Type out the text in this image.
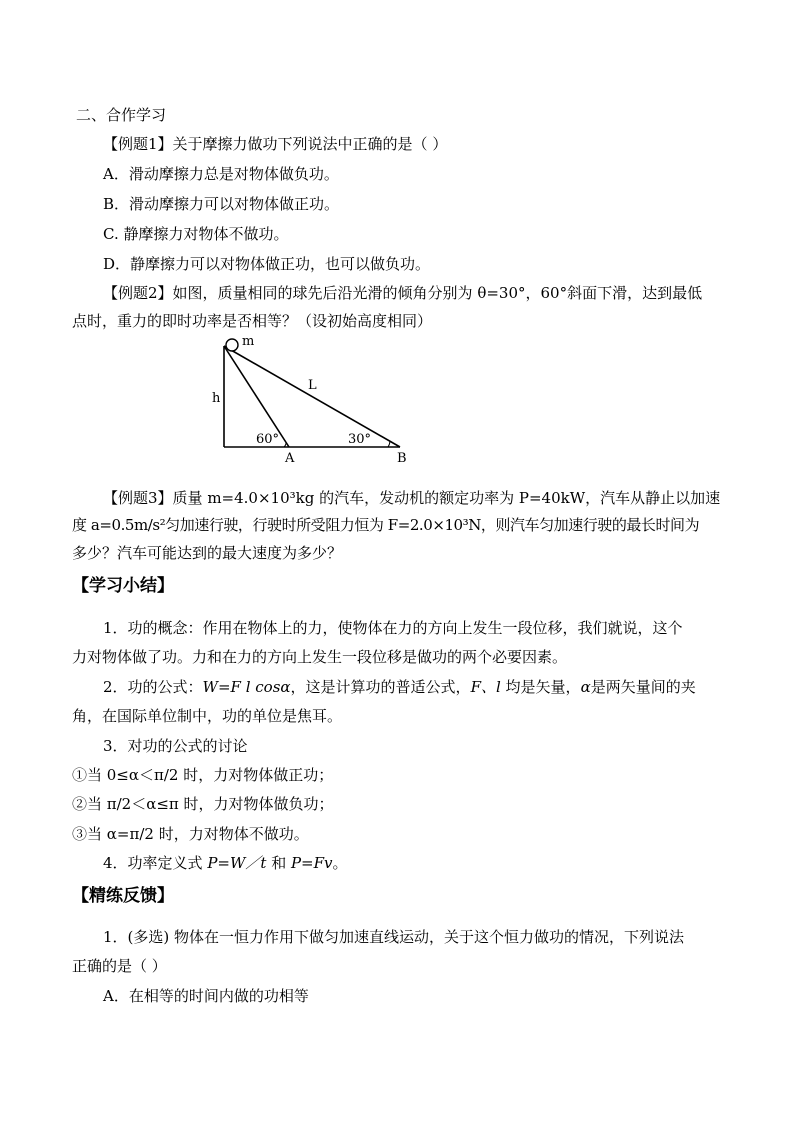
二、合作学习
【例题1】关于摩擦力做功下列说法中正确的是（ ）
A．滑动摩擦力总是对物体做负功。
B．滑动摩擦力可以对物体做正功。
C. 静摩擦力对物体不做功。
D．静摩擦力可以对物体做正功，也可以做负功。
【例题2】如图，质量相同的球先后沿光滑的倾角分别为 θ=30°，60°斜面下滑，达到最低
点时，重力的即时功率是否相等？（设初始高度相同）
m
h
L
60°	30°
A	B
【例题3】质量 m=4.0×10³kg 的汽车，发动机的额定功率为 P=40kW，汽车从静止以加速
度 a=0.5m/s²匀加速行驶，行驶时所受阻力恒为 F=2.0×10³N，则汽车匀加速行驶的最长时间为
多少？汽车可能达到的最大速度为多少？
【学习小结】
1．功的概念：作用在物体上的力，使物体在力的方向上发生一段位移，我们就说，这个
力对物体做了功。力和在力的方向上发生一段位移是做功的两个必要因素。
2．功的公式：W=F l cosα，这是计算功的普适公式，F、l 均是矢量，α是两矢量间的夹
角，在国际单位制中，功的单位是焦耳。
3．对功的公式的讨论
①当 0≤α＜π/2 时，力对物体做正功；
②当 π/2＜α≤π 时，力对物体做负功；
③当 α=π/2 时，力对物体不做功。
4．功率定义式 P=W／t 和 P=Fv。
【精练反馈】
1．(多选) 物体在一恒力作用下做匀加速直线运动，关于这个恒力做功的情况，下列说法
正确的是（ ）
A．在相等的时间内做的功相等
